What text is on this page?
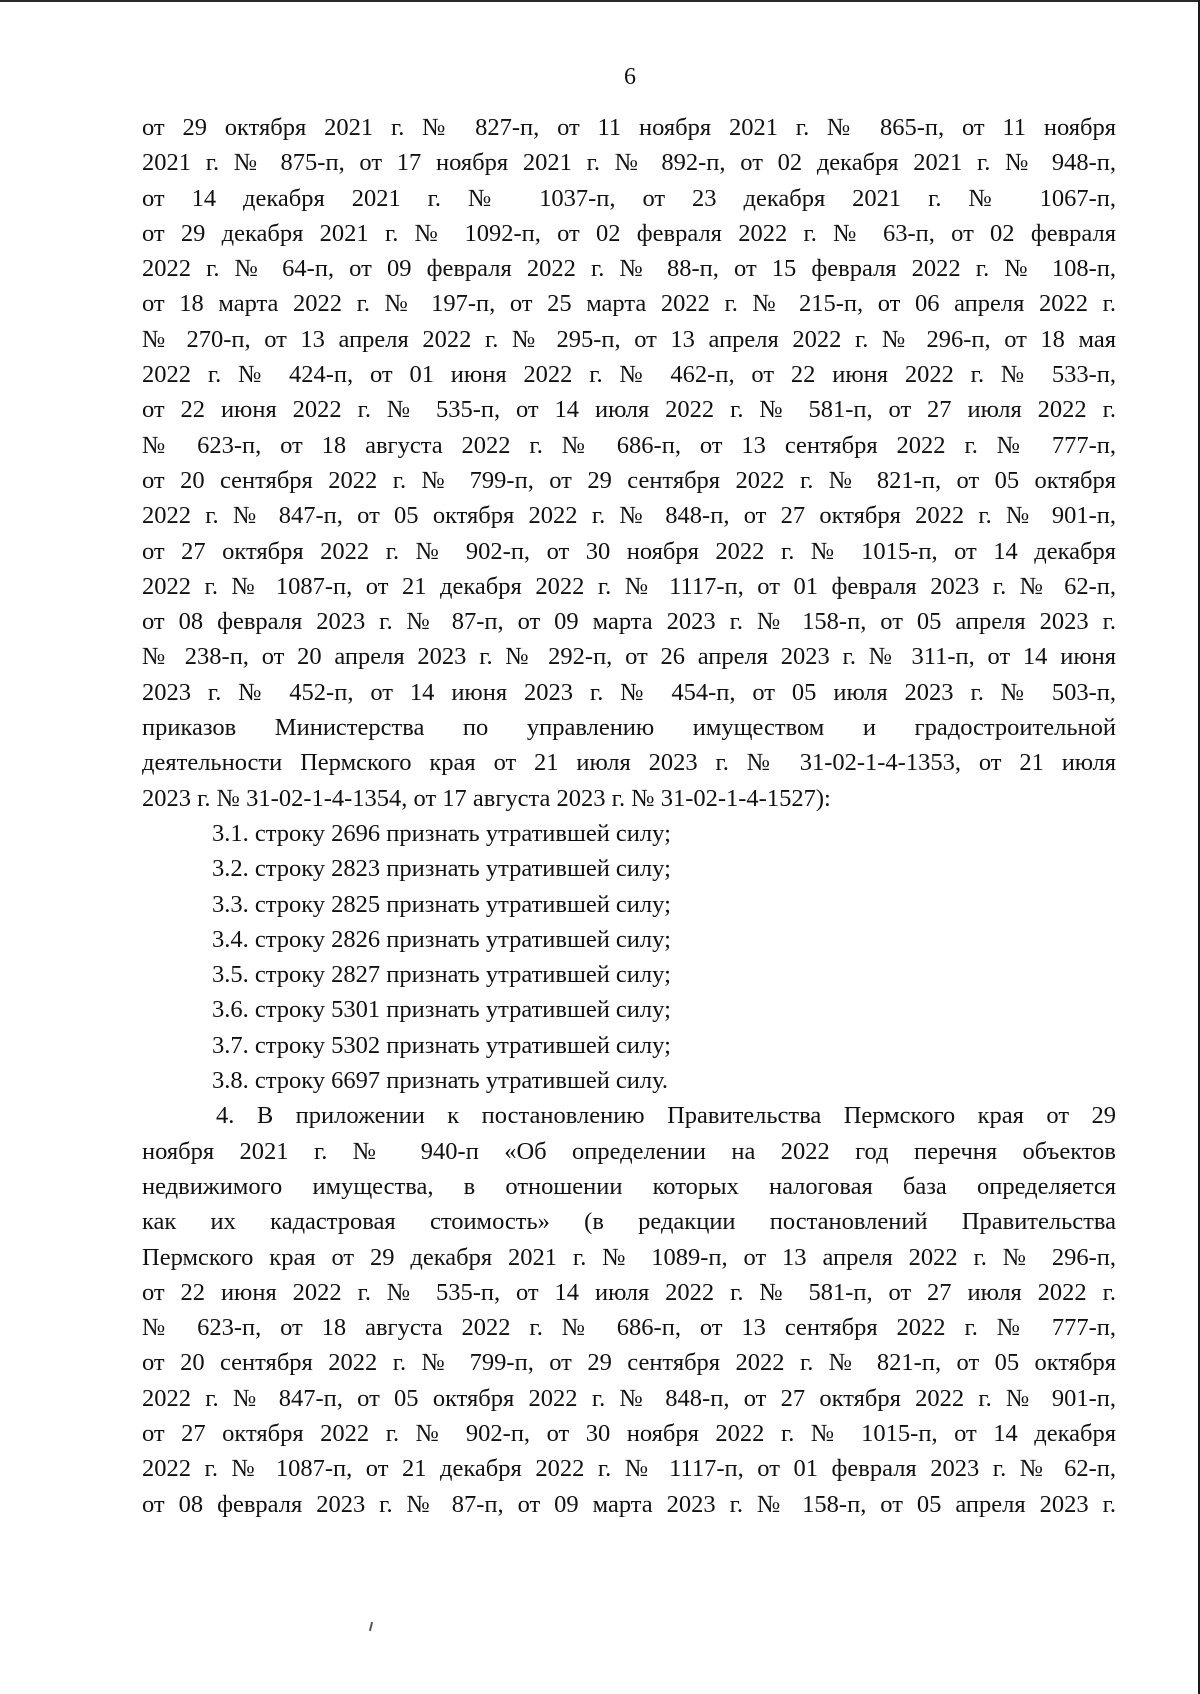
6
от 29 октября 2021 г. № 827-п, от 11 ноября 2021 г. № 865-п, от 11 ноября
2021 г. № 875-п, от 17 ноября 2021 г. № 892-п, от 02 декабря 2021 г. № 948-п,
от 14 декабря 2021 г. № 1037-п, от 23 декабря 2021 г. № 1067-п,
от 29 декабря 2021 г. № 1092-п, от 02 февраля 2022 г. № 63-п, от 02 февраля
2022 г. № 64-п, от 09 февраля 2022 г. № 88-п, от 15 февраля 2022 г. № 108-п,
от 18 марта 2022 г. № 197-п, от 25 марта 2022 г. № 215-п, от 06 апреля 2022 г.
№ 270-п, от 13 апреля 2022 г. № 295-п, от 13 апреля 2022 г. № 296-п, от 18 мая
2022 г. № 424-п, от 01 июня 2022 г. № 462-п, от 22 июня 2022 г. № 533-п,
от 22 июня 2022 г. № 535-п, от 14 июля 2022 г. № 581-п, от 27 июля 2022 г.
№ 623-п, от 18 августа 2022 г. № 686-п, от 13 сентября 2022 г. № 777-п,
от 20 сентября 2022 г. № 799-п, от 29 сентября 2022 г. № 821-п, от 05 октября
2022 г. № 847-п, от 05 октября 2022 г. № 848-п, от 27 октября 2022 г. № 901-п,
от 27 октября 2022 г. № 902-п, от 30 ноября 2022 г. № 1015-п, от 14 декабря
2022 г. № 1087-п, от 21 декабря 2022 г. № 1117-п, от 01 февраля 2023 г. № 62-п,
от 08 февраля 2023 г. № 87-п, от 09 марта 2023 г. № 158-п, от 05 апреля 2023 г.
№ 238-п, от 20 апреля 2023 г. № 292-п, от 26 апреля 2023 г. № 311-п, от 14 июня
2023 г. № 452-п, от 14 июня 2023 г. № 454-п, от 05 июля 2023 г. № 503-п,
приказов Министерства по управлению имуществом и градостроительной
деятельности Пермского края от 21 июля 2023 г. № 31-02-1-4-1353, от 21 июля
2023 г. № 31-02-1-4-1354, от 17 августа 2023 г. № 31-02-1-4-1527):
3.1. строку 2696 признать утратившей силу;
3.2. строку 2823 признать утратившей силу;
3.3. строку 2825 признать утратившей силу;
3.4. строку 2826 признать утратившей силу;
3.5. строку 2827 признать утратившей силу;
3.6. строку 5301 признать утратившей силу;
3.7. строку 5302 признать утратившей силу;
3.8. строку 6697 признать утратившей силу.
4. В приложении к постановлению Правительства Пермского края от 29
ноября 2021 г. № 940-п «Об определении на 2022 год перечня объектов
недвижимого имущества, в отношении которых налоговая база определяется
как их кадастровая стоимость» (в редакции постановлений Правительства
Пермского края от 29 декабря 2021 г. № 1089-п, от 13 апреля 2022 г. № 296-п,
от 22 июня 2022 г. № 535-п, от 14 июля 2022 г. № 581-п, от 27 июля 2022 г.
№ 623-п, от 18 августа 2022 г. № 686-п, от 13 сентября 2022 г. № 777-п,
от 20 сентября 2022 г. № 799-п, от 29 сентября 2022 г. № 821-п, от 05 октября
2022 г. № 847-п, от 05 октября 2022 г. № 848-п, от 27 октября 2022 г. № 901-п,
от 27 октября 2022 г. № 902-п, от 30 ноября 2022 г. № 1015-п, от 14 декабря
2022 г. № 1087-п, от 21 декабря 2022 г. № 1117-п, от 01 февраля 2023 г. № 62-п,
от 08 февраля 2023 г. № 87-п, от 09 марта 2023 г. № 158-п, от 05 апреля 2023 г.
